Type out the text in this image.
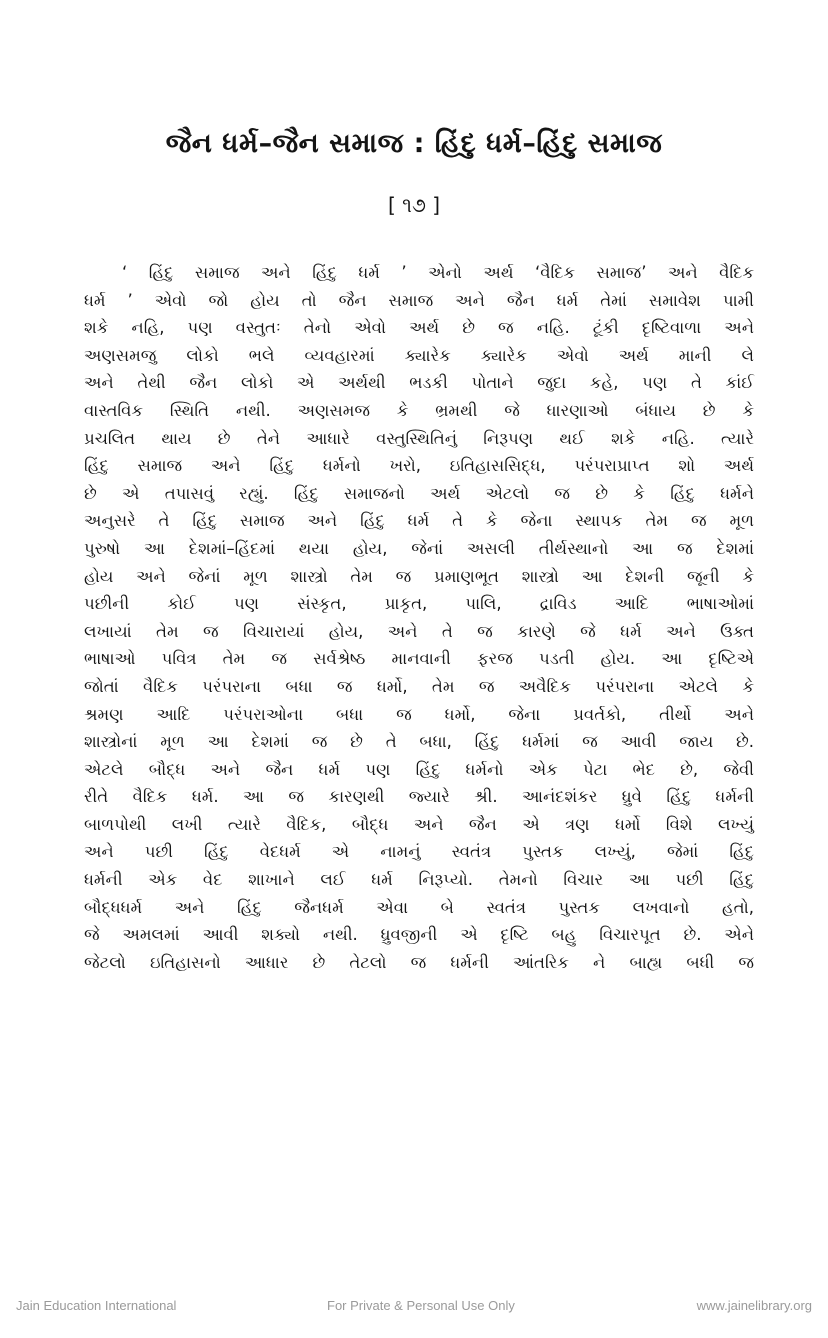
જૈન ધર્મ–જૈન સમાજ : હિંદુ ધર્મ–હિંદુ સમાજ
[ ૧૭ ]
‘ હિંદુ સમાજ અને હિંદુ ધર્મ ’ એનો અર્થ ‘વૈદિક સમાજ’ અને વૈદિક
ધર્મ ’ એવો જો હોય તો જૈન સમાજ અને જૈન ધર્મ તેમાં સમાવેશ પામી
શકે નહિ, પણ વસ્તુતઃ તેનો એવો અર્થ છે જ નહિ. ટૂંકી દૃષ્ટિવાળા અને
અણસમજુ લોકો ભલે વ્યવહારમાં ક્યારેક ક્યારેક એવો અર્થ માની લે
અને તેથી જૈન લોકો એ અર્થથી ભડકી પોતાને જુદા કહે, પણ તે કાંઈ
વાસ્તવિક સ્થિતિ નથી. અણસમજ કે ભ્રમથી જે ધારણાઓ બંધાય છે કે
પ્રચલિત થાય છે તેને આધારે વસ્તુસ્થિતિનું નિરૂપણ થઈ શકે નહિ. ત્યારે
હિંદુ સમાજ અને હિંદુ ધર્મનો ખરો, ઇતિહાસસિદ્ધ, પરંપરાપ્રાપ્ત શો અર્થ
છે એ તપાસવું રહ્યું. હિંદુ સમાજનો અર્થ એટલો જ છે કે હિંદુ ધર્મને
અનુસરે તે હિંદુ સમાજ અને હિંદુ ધર્મ તે કે જેના સ્થાપક તેમ જ મૂળ
પુરુષો આ દેશમાં–હિંદમાં થયા હોય, જેનાં અસલી તીર્થસ્થાનો આ જ દેશમાં
હોય અને જેનાં મૂળ શાસ્ત્રો તેમ જ પ્રમાણભૂત શાસ્ત્રો આ દેશની જૂની કે
પછીની કોઈ પણ સંસ્કૃત, પ્રાકૃત, પાલિ, દ્રાવિડ આદિ ભાષાઓમાં
લખાયાં તેમ જ વિચારાયાં હોય, અને તે જ કારણે જે ધર્મ અને ઉક્ત
ભાષાઓ પવિત્ર તેમ જ સર્વશ્રેષ્ઠ માનવાની ફરજ પડતી હોય. આ દૃષ્ટિએ
જોતાં વૈદિક પરંપરાના બધા જ ધર્મો, તેમ જ અવૈદિક પરંપરાના એટલે કે
શ્રમણ આદિ પરંપરાઓના બધા જ ધર્મો, જેના પ્રવર્તકો, તીર્થો અને
શાસ્ત્રોનાં મૂળ આ દેશમાં જ છે તે બધા, હિંદુ ધર્મમાં જ આવી જાય છે.
એટલે બૌદ્ધ અને જૈન ધર્મ પણ હિંદુ ધર્મનો એક પેટા ભેદ છે, જેવી
રીતે વૈદિક ધર્મ. આ જ કારણથી જ્યારે શ્રી. આનંદશંકર ધ્રુવે હિંદુ ધર્મની
બાળપોથી લખી ત્યારે વૈદિક, બૌદ્ધ અને જૈન એ ત્રણ ધર્મો વિશે લખ્યું
અને પછી હિંદુ વેદધર્મ એ નામનું સ્વતંત્ર પુસ્તક લખ્યું, જેમાં હિંદુ
ધર્મની એક વેદ શાખાને લઈ ધર્મ નિરૂપ્યો. તેમનો વિચાર આ પછી હિંદુ
બૌદ્ધધર્મ અને હિંદુ જૈનધર્મ એવા બે સ્વતંત્ર પુસ્તક લખવાનો હતો,
જે અમલમાં આવી શક્યો નથી. ધ્રુવજીની એ દૃષ્ટિ બહુ વિચારપૂત છે. એને
જેટલો ઇતિહાસનો આધાર છે તેટલો જ ધર્મની આંતરિક ને બાહ્ય બધી જ
Jain Education International	For Private & Personal Use Only	www.jainelibrary.org
